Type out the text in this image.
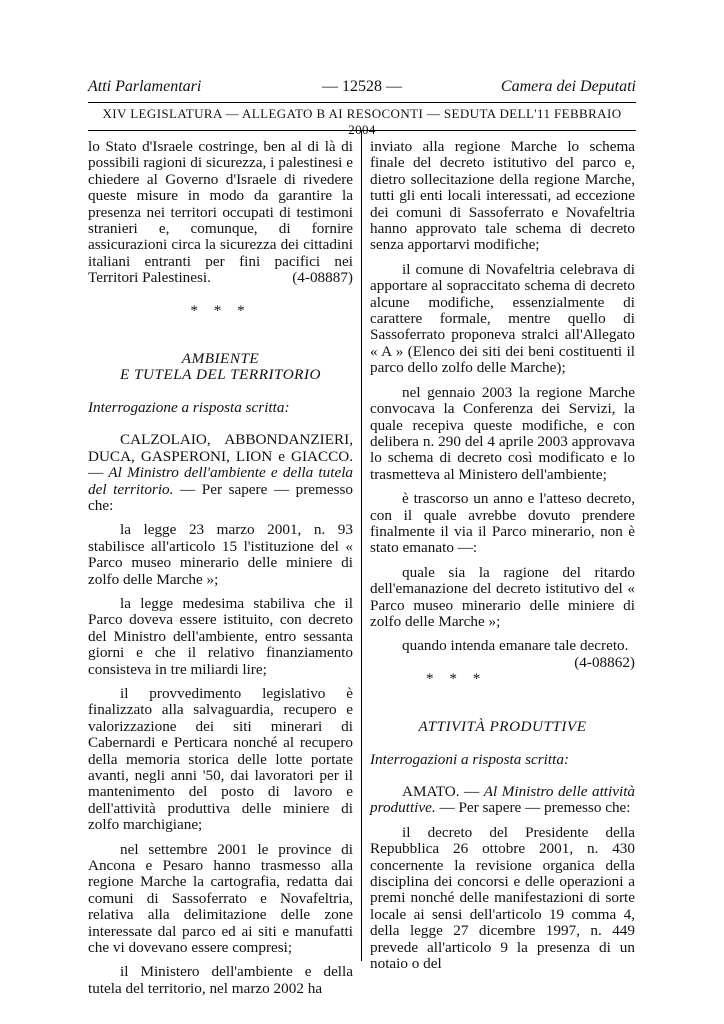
Atti Parlamentari	— 12528 —	Camera dei Deputati
XIV LEGISLATURA — ALLEGATO B AI RESOCONTI — SEDUTA DELL'11 FEBBRAIO 2004

lo Stato d'Israele costringe, ben al di là di possibili ragioni di sicurezza, i palestinesi e chiedere al Governo d'Israele di rivedere queste misure in modo da garantire la presenza nei territori occupati di testimoni stranieri e, comunque, di fornire assicurazioni circa la sicurezza dei cittadini italiani entranti per fini pacifici nei Territori Palestinesi.	(4-08887)

* * *

AMBIENTE

E TUTELA DEL TERRITORIO

Interrogazione a risposta scritta:

CALZOLAIO, ABBONDANZIERI, DUCA, GASPERONI, LION e GIACCO. — Al Ministro dell'ambiente e della tutela del territorio. — Per sapere — premesso che:

la legge 23 marzo 2001, n. 93 stabilisce all'articolo 15 l'istituzione del « Parco museo minerario delle miniere di zolfo delle Marche »;

la legge medesima stabiliva che il Parco doveva essere istituito, con decreto del Ministro dell'ambiente, entro sessanta giorni e che il relativo finanziamento consisteva in tre miliardi lire;

il provvedimento legislativo è finalizzato alla salvaguardia, recupero e valorizzazione dei siti minerari di Cabernardi e Perticara nonché al recupero della memoria storica delle lotte portate avanti, negli anni '50, dai lavoratori per il mantenimento del posto di lavoro e dell'attività produttiva delle miniere di zolfo marchigiane;

nel settembre 2001 le province di Ancona e Pesaro hanno trasmesso alla regione Marche la cartografia, redatta dai comuni di Sassoferrato e Novafeltria, relativa alla delimitazione delle zone interessate dal parco ed ai siti e manufatti che vi dovevano essere compresi;

il Ministero dell'ambiente e della tutela del territorio, nel marzo 2002 ha

inviato alla regione Marche lo schema finale del decreto istitutivo del parco e, dietro sollecitazione della regione Marche, tutti gli enti locali interessati, ad eccezione dei comuni di Sassoferrato e Novafeltria hanno approvato tale schema di decreto senza apportarvi modifiche;

il comune di Novafeltria celebrava di apportare al sopraccitato schema di decreto alcune modifiche, essenzialmente di carattere formale, mentre quello di Sassoferrato proponeva stralci all'Allegato « A » (Elenco dei siti dei beni costituenti il parco dello zolfo delle Marche);

nel gennaio 2003 la regione Marche convocava la Conferenza dei Servizi, la quale recepiva queste modifiche, e con delibera n. 290 del 4 aprile 2003 approvava lo schema di decreto così modificato e lo trasmetteva al Ministero dell'ambiente;

è trascorso un anno e l'atteso decreto, con il quale avrebbe dovuto prendere finalmente il via il Parco minerario, non è stato emanato —:

quale sia la ragione del ritardo dell'emanazione del decreto istitutivo del « Parco museo minerario delle miniere di zolfo delle Marche »;

quando intenda emanare tale decreto.
(4-08862)

* * *

ATTIVITÀ PRODUTTIVE

Interrogazioni a risposta scritta:

AMATO. — Al Ministro delle attività produttive. — Per sapere — premesso che:

il decreto del Presidente della Repubblica 26 ottobre 2001, n. 430 concernente la revisione organica della disciplina dei concorsi e delle operazioni a premi nonché delle manifestazioni di sorte locale ai sensi dell'articolo 19 comma 4, della legge 27 dicembre 1997, n. 449 prevede all'articolo 9 la presenza di un notaio o del
